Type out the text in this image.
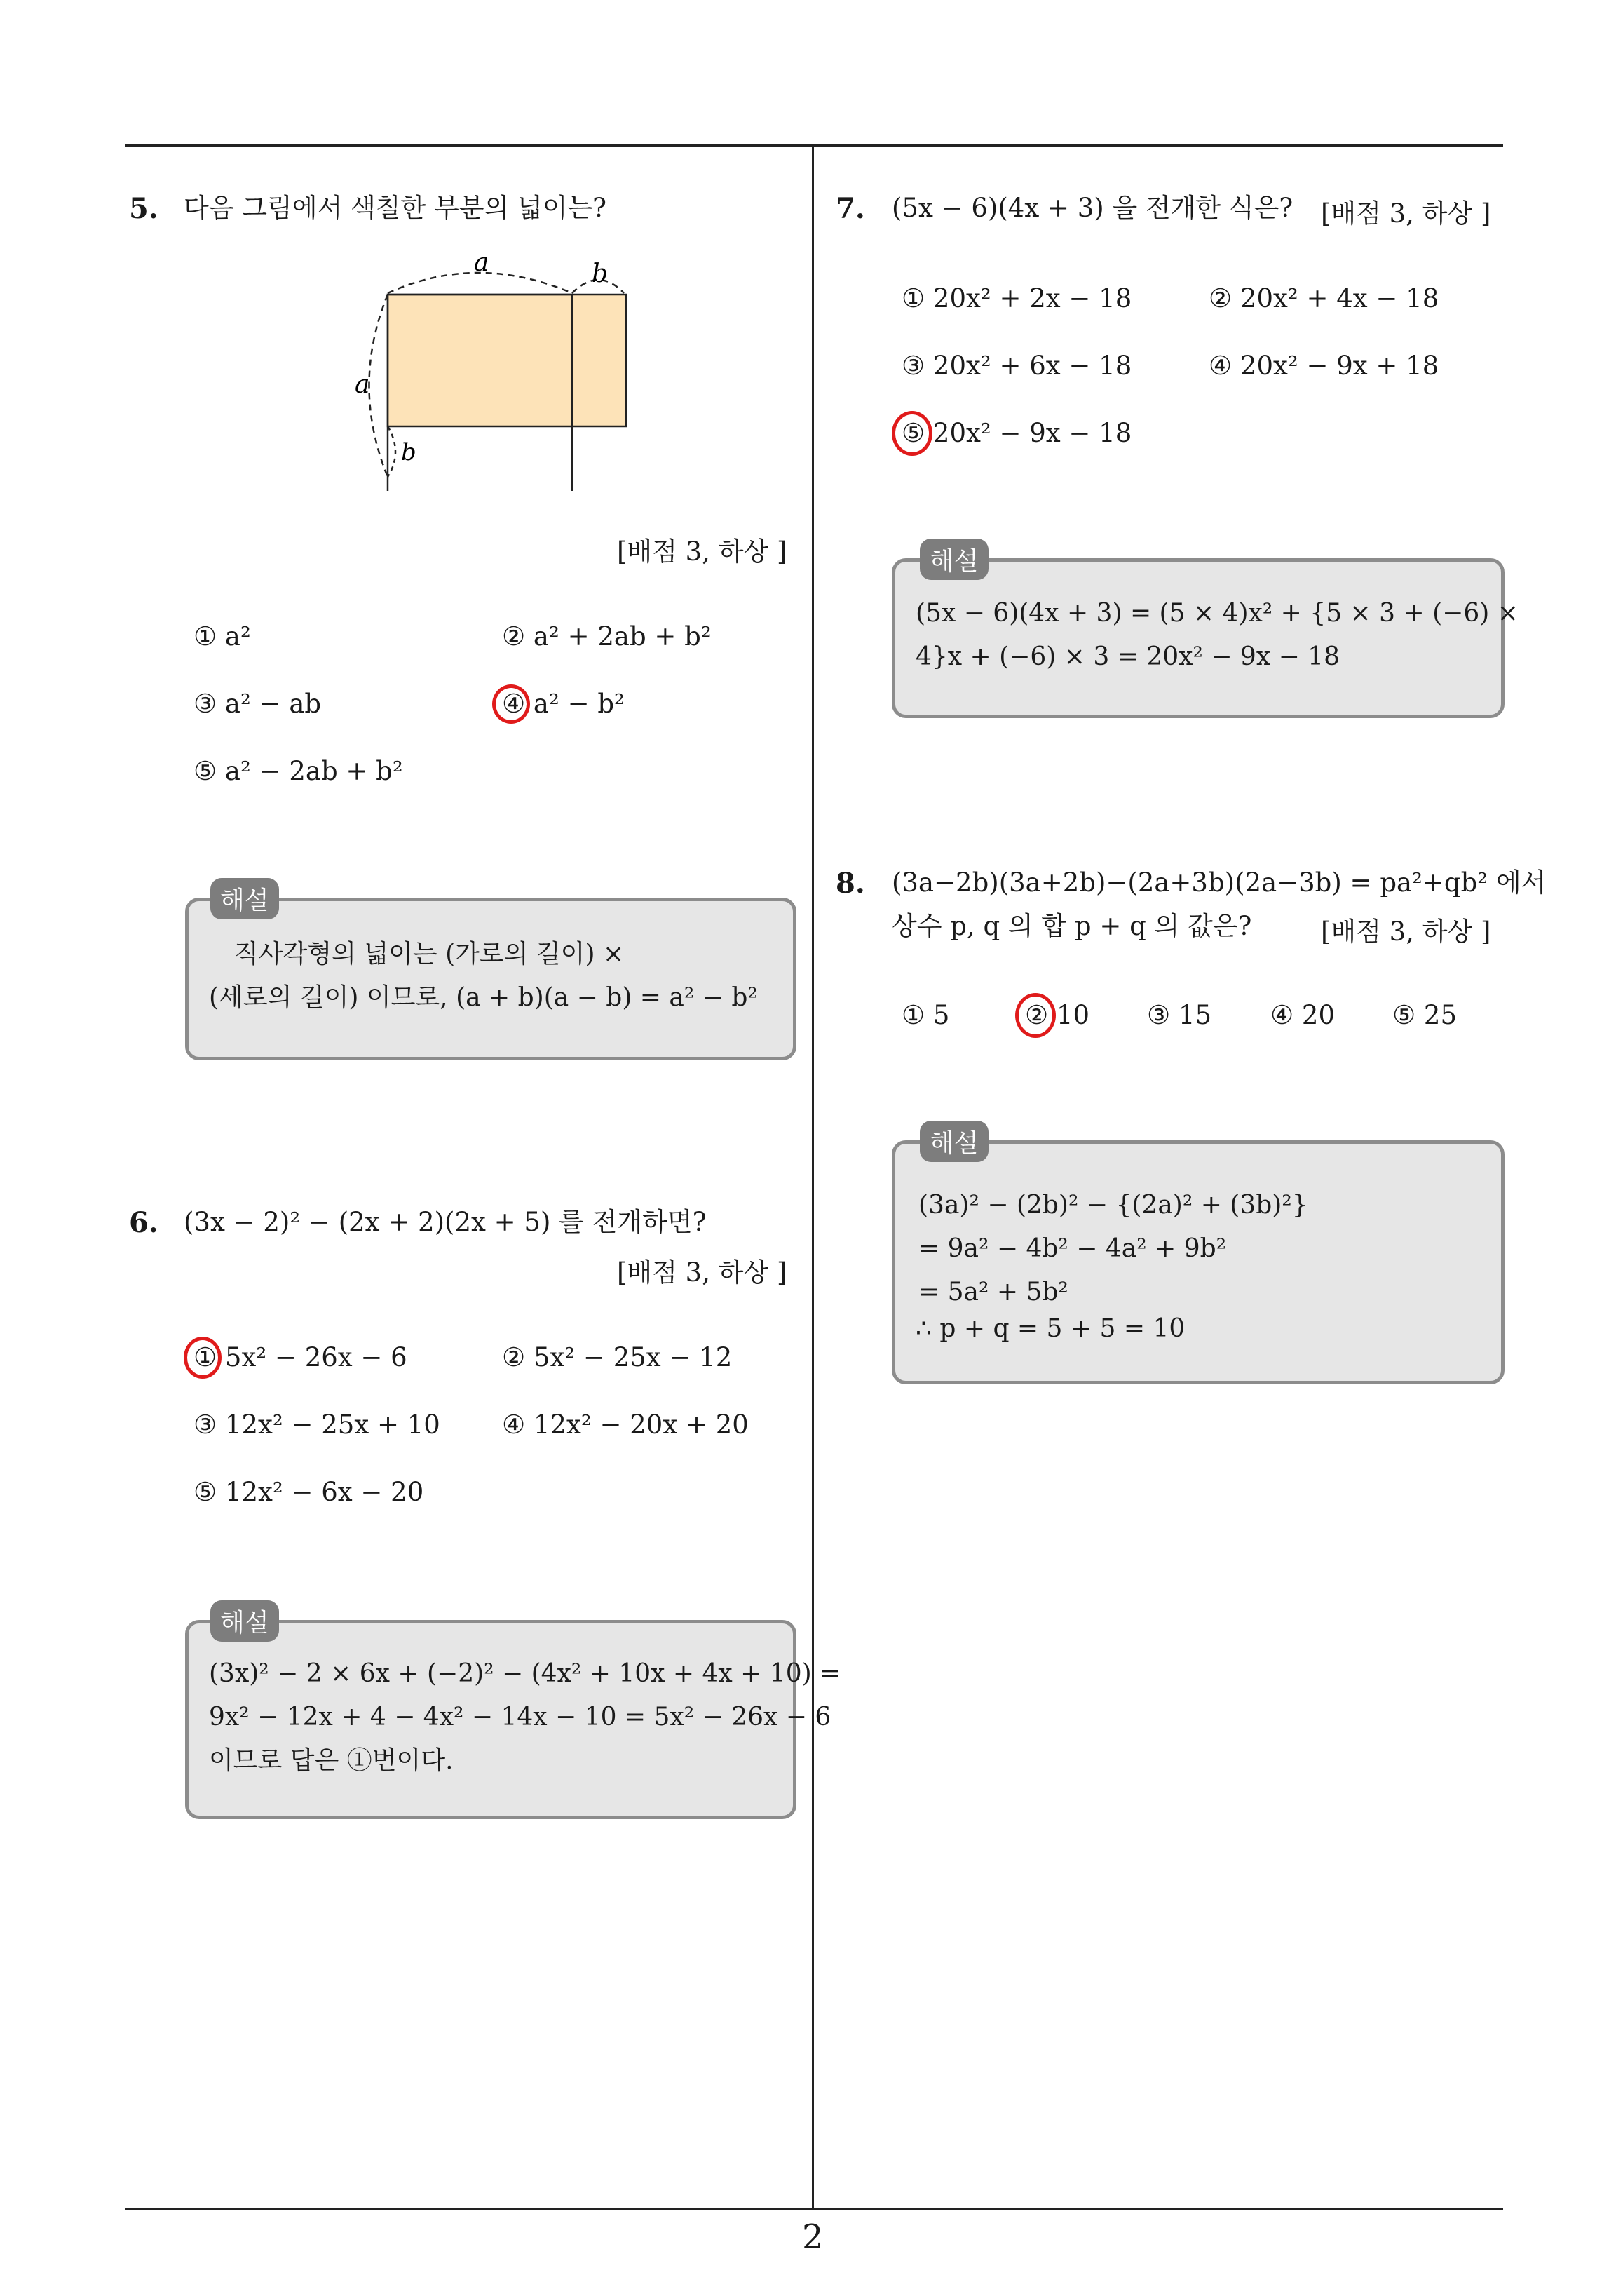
5. 다음 그림에서 색칠한 부분의 넓이는?
a	b
a
b
[배점 3, 하상 ]
① a²	② a² + 2ab + b²
③ a² − ab	④ a² − b²
⑤ a² − 2ab + b²
해설
직사각형의 넓이는 (가로의 길이) ×
(세로의 길이) 이므로, (a + b)(a − b) = a² − b²
6. (3x − 2)² − (2x + 2)(2x + 5) 를 전개하면?
[배점 3, 하상 ]
① 5x² − 26x − 6	② 5x² − 25x − 12
③ 12x² − 25x + 10 ④ 12x² − 20x + 20
⑤ 12x² − 6x − 20
해설
(3x)² − 2 × 6x + (−2)² − (4x² + 10x + 4x + 10) =
9x² − 12x + 4 − 4x² − 14x − 10 = 5x² − 26x − 6
이므로 답은 ①번이다.
7. (5x − 6)(4x + 3) 을 전개한 식은? [배점 3, 하상 ]
① 20x² + 2x − 18	② 20x² + 4x − 18
③ 20x² + 6x − 18	④ 20x² − 9x + 18
⑤ 20x² − 9x − 18
해설
(5x − 6)(4x + 3) = (5 × 4)x² + {5 × 3 + (−6) ×
4}x + (−6) × 3 = 20x² − 9x − 18
8. (3a−2b)(3a+2b)−(2a+3b)(2a−3b) = pa²+qb² 에서
상수 p, q 의 합 p + q 의 값은?	[배점 3, 하상 ]
① 5	② 10 ③ 15 ④ 20 ⑤ 25
해설
(3a)² − (2b)² − {(2a)² + (3b)²}
= 9a² − 4b² − 4a² + 9b²
= 5a² + 5b²
∴ p + q = 5 + 5 = 10
2
